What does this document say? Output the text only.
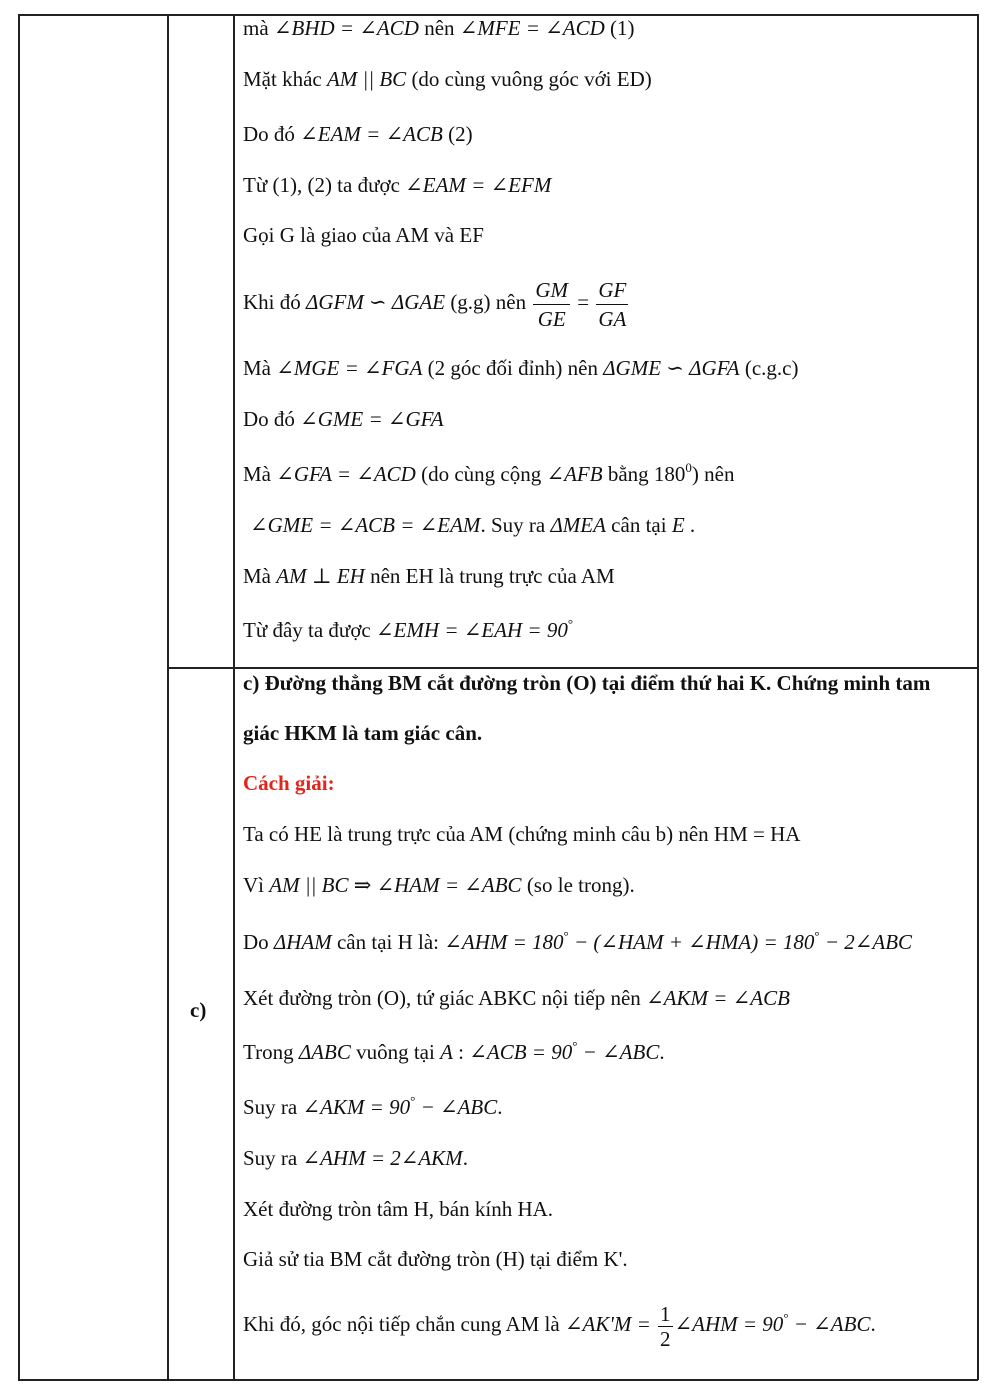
mà ∠BHD = ∠ACD nên ∠MFE = ∠ACD (1)
Mặt khác AM || BC (do cùng vuông góc với ED)
Do đó ∠EAM = ∠ACB (2)
Từ (1), (2) ta được ∠EAM = ∠EFM
Gọi G là giao của AM và EF
Khi đó ΔGFM ∽ ΔGAE (g.g) nên $\frac{GM}{GE} = \frac{GF}{GA}$
Mà ∠MGE = ∠FGA (2 góc đối đỉnh) nên ΔGME ∽ ΔGFA (c.g.c)
Do đó ∠GME = ∠GFA
Mà ∠GFA = ∠ACD (do cùng cộng ∠AFB bằng $180^0$) nên
∠GME = ∠ACB = ∠EAM. Suy ra ΔMEA cân tại E .
Mà AM ⊥ EH nên EH là trung trực của AM
Từ đây ta được ∠EMH = ∠EAH = 90°
c)
c) Đường thẳng BM cắt đường tròn (O) tại điểm thứ hai K. Chứng minh tam
giác HKM là tam giác cân.
Cách giải:
Ta có HE là trung trực của AM (chứng minh câu b) nên HM = HA
Vì AM || BC ⇒ ∠HAM = ∠ABC (so le trong).
Do ΔHAM cân tại H là: ∠AHM = 180° − (∠HAM + ∠HMA) = 180° − 2∠ABC
Xét đường tròn (O), tứ giác ABKC nội tiếp nên ∠AKM = ∠ACB
Trong ΔABC vuông tại A : ∠ACB = 90° − ∠ABC.
Suy ra ∠AKM = 90° − ∠ABC.
Suy ra ∠AHM = 2∠AKM.
Xét đường tròn tâm H, bán kính HA.
Giả sử tia BM cắt đường tròn (H) tại điểm K'.
Khi đó, góc nội tiếp chắn cung AM là ∠AK'M = $\frac{1}{2}$ ∠AHM = 90° − ∠ABC.
